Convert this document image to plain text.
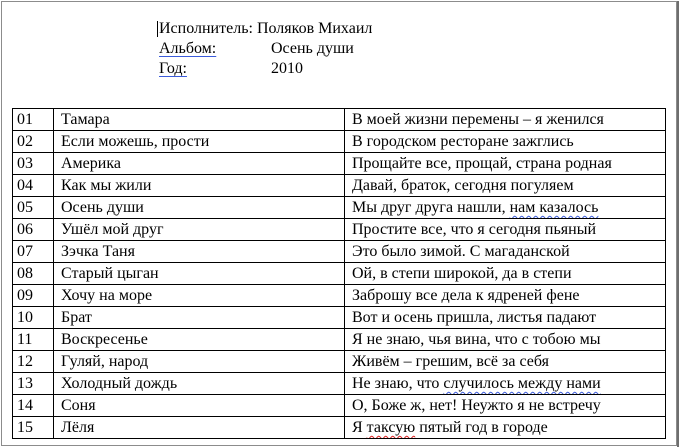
Исполнитель: Поляков Михаил
Альбом:	Осень души
Год:	2010
01	Тамара	В моей жизни перемены – я женился
02	Если можешь, прости	В городском ресторане зажглись
03	Америка	Прощайте все, прощай, страна родная
04	Как мы жили	Давай, браток, сегодня погуляем
05	Осень души	Мы друг друга нашли, нам казалось
06	Ушёл мой друг	Простите все, что я сегодня пьяный
07	Зэчка Таня	Это было зимой. С магаданской
08	Старый цыган	Ой, в степи широкой, да в степи
09	Хочу на море	Заброшу все дела к ядреней фене
10	Брат	Вот и осень пришла, листья падают
11	Воскресенье	Я не знаю, чья вина, что с тобою мы
12	Гуляй, народ	Живём – грешим, всё за себя
13	Холодный дождь	Не знаю, что случилось между нами
14	Соня	О, Боже ж, нет! Неужто я не встречу
15	Лёля	Я таксую пятый год в городе
